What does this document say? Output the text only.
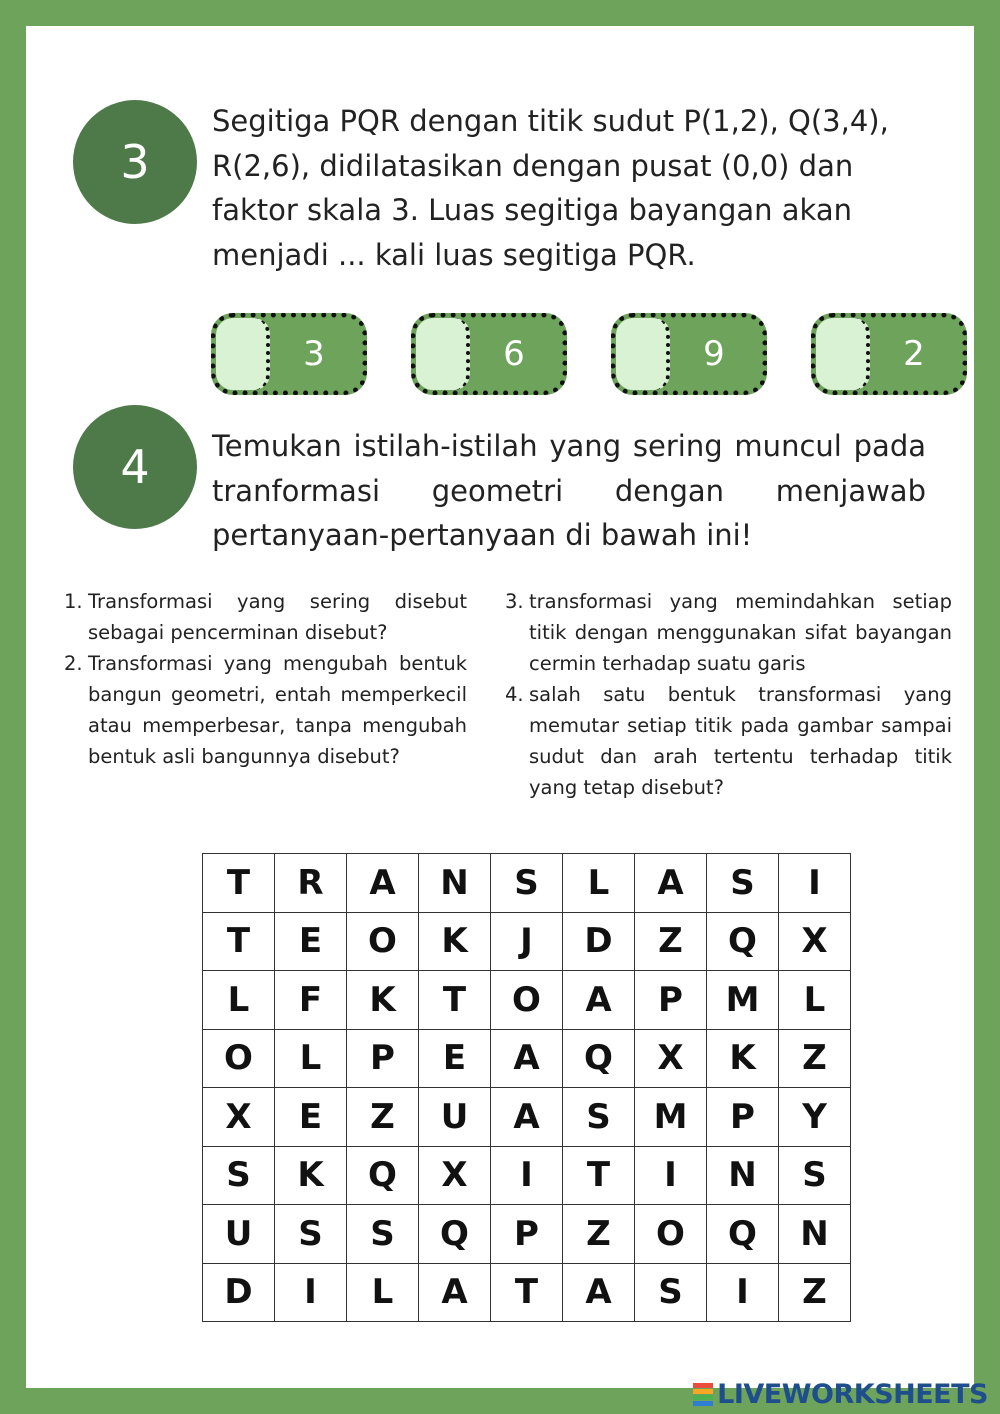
3
Segitiga PQR dengan titik sudut P(1,2), Q(3,4),
R(2,6), didilatasikan dengan pusat (0,0) dan
faktor skala 3. Luas segitiga bayangan akan
menjadi ... kali luas segitiga PQR.
3	6	9	2
4 Temukan istilah-istilah yang sering muncul pada tranformasi geometri dengan menjawab pertanyaan-pertanyaan di bawah ini!
1. Transformasi yang sering disebut sebagai pencerminan disebut?
2. Transformasi yang mengubah bentuk bangun geometri, entah memperkecil atau memperbesar, tanpa mengubah bentuk asli bangunnya disebut?
3. transformasi yang memindahkan setiap titik dengan menggunakan sifat bayangan cermin terhadap suatu garis
4. salah satu bentuk transformasi yang memutar setiap titik pada gambar sampai sudut dan arah tertentu terhadap titik yang tetap disebut?
T	R	A	N	S	L	A	S	I
T	E	O	K	J	D	Z	Q	X
L	F	K	T	O	A	P	M	L
O	L	P	E	A	Q	X	K	Z
X	E	Z	U	A	S	M	P	Y
S	K	Q	X	I	T	I	N	S
U	S	S	Q	P	Z	O	Q	N
D	I	L	A	T	A	S	I	Z
LIVEWORKSHEETS
